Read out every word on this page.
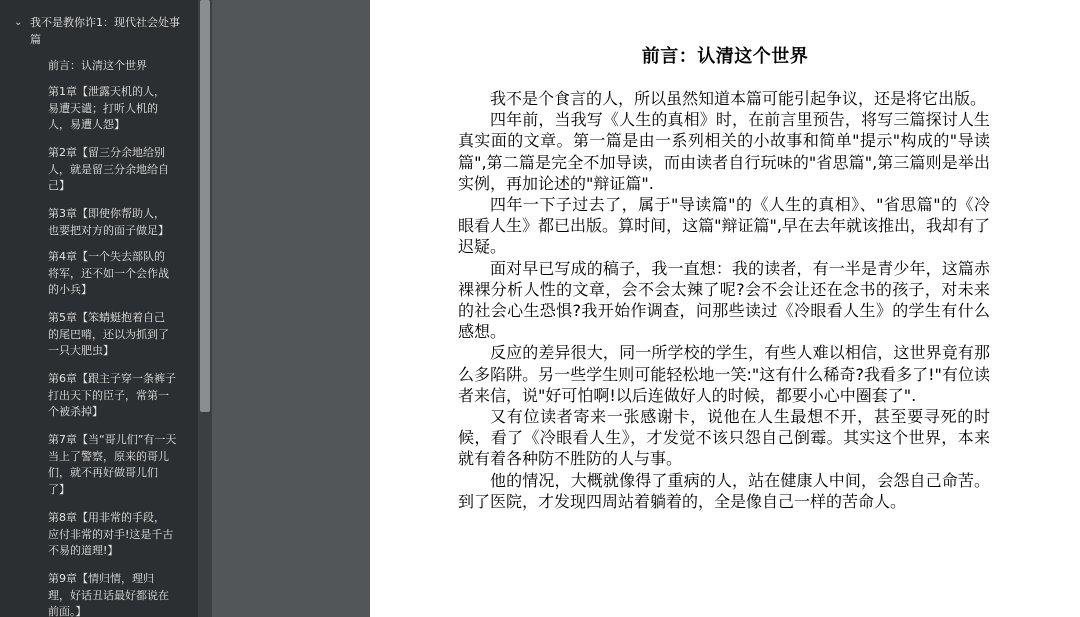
⌄ 我不是教你诈1：现代社会处事篇
前言：认清这个世界
第1章【泄露天机的人，
易遭天谴；打听人机的
人，易遭人怨】
第2章【留三分余地给别
人，就是留三分余地给自
己】
第3章【即使你帮助人，
也要把对方的面子做足】
第4章【一个失去部队的
将军，还不如一个会作战
的小兵】
第5章【笨蜻蜓抱着自己
的尾巴啃，还以为抓到了
一只大肥虫】
第6章【跟主子穿一条裤子
打出天下的臣子，常第一
个被杀掉】
第7章【当“哥儿们”有一天
当上了警察，原来的哥儿
们，就不再好做哥儿们
了】
第8章【用非常的手段，
应付非常的对手!这是千古
不易的道理!】
第9章【情归情，理归
理，好话丑话最好都说在
前面。】
前言：认清这个世界

我不是个食言的人，所以虽然知道本篇可能引起争议，还是将它出版。

四年前，当我写《人生的真相》时，在前言里预告，将写三篇探讨人生真实面的文章。第一篇是由一系列相关的小故事和简单"提示"构成的"导读篇",第二篇是完全不加导读，而由读者自行玩味的"省思篇",第三篇则是举出实例，再加论述的"辩证篇".

四年一下子过去了，属于"导读篇"的《人生的真相》、"省思篇"的《冷眼看人生》都已出版。算时间，这篇"辩证篇",早在去年就该推出，我却有了迟疑。

面对早已写成的稿子，我一直想：我的读者，有一半是青少年，这篇赤裸裸分析人性的文章，会不会太辣了呢?会不会让还在念书的孩子，对未来的社会心生恐惧?我开始作调查，问那些读过《冷眼看人生》的学生有什么感想。

反应的差异很大，同一所学校的学生，有些人难以相信，这世界竟有那么多陷阱。另一些学生则可能轻松地一笑:"这有什么稀奇?我看多了!"有位读者来信，说"好可怕啊!以后连做好人的时候，都要小心中圈套了".

又有位读者寄来一张感谢卡，说他在人生最想不开，甚至要寻死的时候，看了《冷眼看人生》，才发觉不该只怨自己倒霉。其实这个世界，本来就有着各种防不胜防的人与事。

他的情况，大概就像得了重病的人，站在健康人中间，会怨自己命苦。到了医院，才发现四周站着躺着的，全是像自己一样的苦命人。
